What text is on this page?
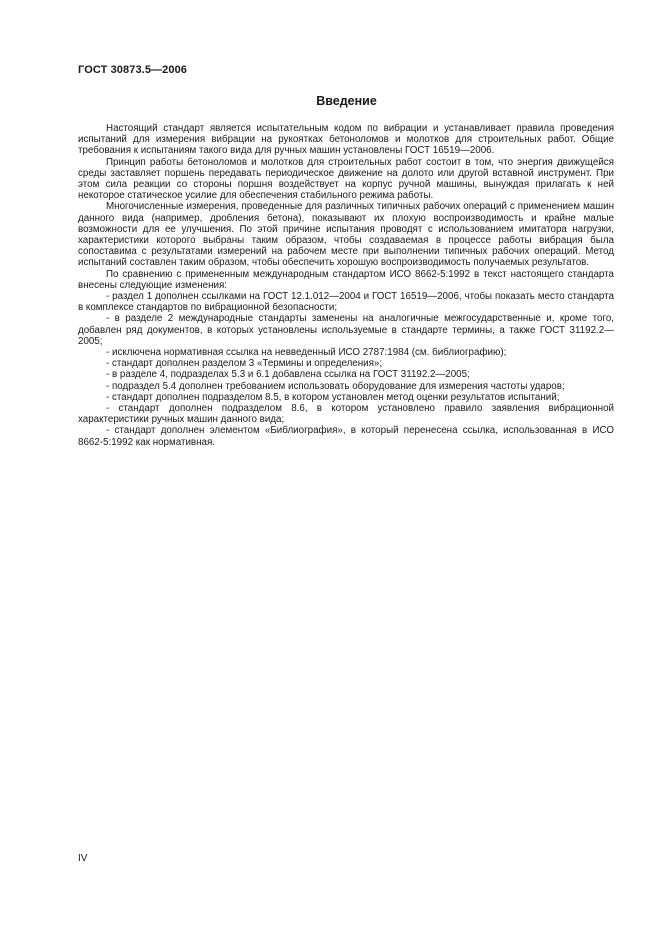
ГОСТ 30873.5—2006
Введение

Настоящий стандарт является испытательным кодом по вибрации и устанавливает правила проведения испытаний для измерения вибрации на рукоятках бетоноломов и молотков для строительных работ. Общие требования к испытаниям такого вида для ручных машин установлены ГОСТ 16519—2006.

Принцип работы бетоноломов и молотков для строительных работ состоит в том, что энергия движущейся среды заставляет поршень передавать периодическое движение на долото или другой вставной инструмент. При этом сила реакции со стороны поршня воздействует на корпус ручной машины, вынуждая прилагать к ней некоторое статическое усилие для обеспечения стабильного режима работы.

Многочисленные измерения, проведенные для различных типичных рабочих операций с применением машин данного вида (например, дробления бетона), показывают их плохую воспроизводимость и крайне малые возможности для ее улучшения. По этой причине испытания проводят с использованием имитатора нагрузки, характеристики которого выбраны таким образом, чтобы создаваемая в процессе работы вибрация была сопоставима с результатами измерений на рабочем месте при выполнении типичных рабочих операций. Метод испытаний составлен таким образом, чтобы обеспечить хорошую воспроизводимость получаемых результатов.

По сравнению с примененным международным стандартом ИСО 8662-5:1992 в текст настоящего стандарта внесены следующие изменения:

- раздел 1 дополнен ссылками на ГОСТ 12.1.012—2004 и ГОСТ 16519—2006, чтобы показать место стандарта в комплексе стандартов по вибрационной безопасности;

- в разделе 2 международные стандарты заменены на аналогичные межгосударственные и, кроме того, добавлен ряд документов, в которых установлены используемые в стандарте термины, а также ГОСТ 31192.2—2005;

- исключена нормативная ссылка на невведенный ИСО 2787:1984 (см. библиографию);

- стандарт дополнен разделом 3 «Термины и определения»;

- в разделе 4, подразделах 5.3 и 6.1 добавлена ссылка на ГОСТ 31192.2—2005;

- подраздел 5.4 дополнен требованием использовать оборудование для измерения частоты ударов;

- стандарт дополнен подразделом 8.5, в котором установлен метод оценки результатов испытаний;

- стандарт дополнен подразделом 8.6, в котором установлено правило заявления вибрационной характеристики ручных машин данного вида;

- стандарт дополнен элементом «Библиография», в который перенесена ссылка, использованная в ИСО 8662-5:1992 как нормативная.

IV
